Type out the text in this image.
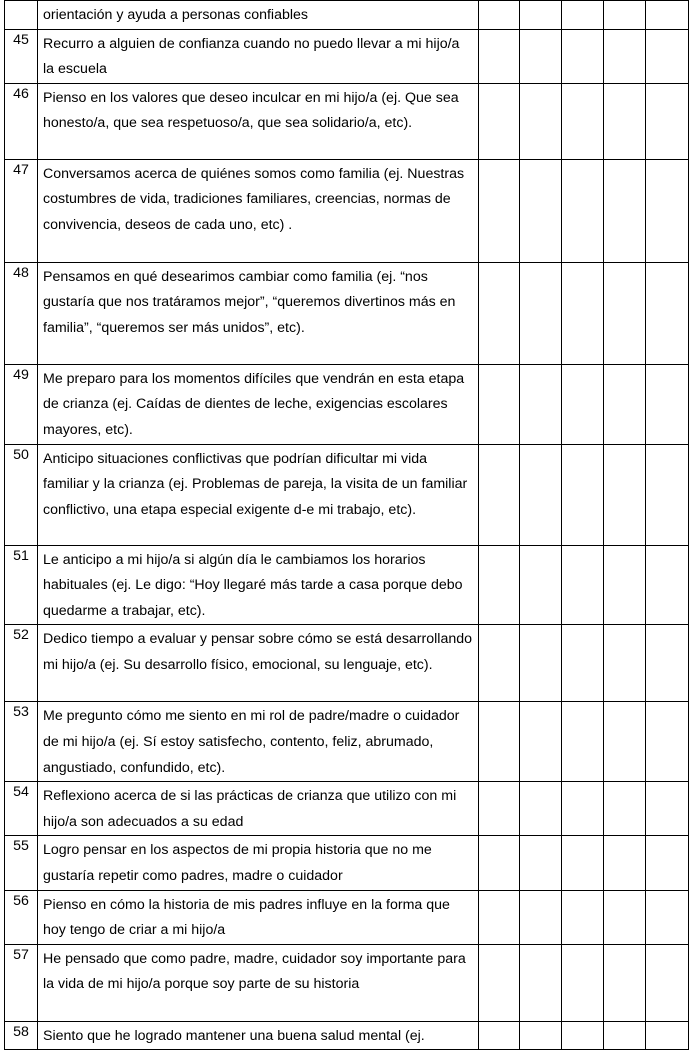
	orientación y ayuda a personas confiables					
45	Recurro a alguien de confianza cuando no puedo llevar a mi hijo/a la escuela					
46	Pienso en los valores que deseo inculcar en mi hijo/a (ej. Que sea honesto/a, que sea respetuoso/a, que sea solidario/a, etc).					
47	Conversamos acerca de quiénes somos como familia (ej. Nuestras costumbres de vida, tradiciones familiares, creencias, normas de convivencia, deseos de cada uno, etc) .					
48	Pensamos en qué desearimos cambiar como familia (ej. “nos gustaría que nos tratáramos mejor”, “queremos divertinos más en familia”, “queremos ser más unidos”, etc).					
49	Me preparo para los momentos difíciles que vendrán en esta etapa de crianza (ej. Caídas de dientes de leche, exigencias escolares mayores, etc).					
50	Anticipo situaciones conflictivas que podrían dificultar mi vida familiar y la crianza (ej. Problemas de pareja, la visita de un familiar conflictivo, una etapa especial exigente d-e mi trabajo, etc).					
51	Le anticipo a mi hijo/a si algún día le cambiamos los horarios habituales (ej. Le digo: “Hoy llegaré más tarde a casa porque debo quedarme a trabajar, etc).					
52	Dedico tiempo a evaluar y pensar sobre cómo se está desarrollando mi hijo/a (ej. Su desarrollo físico, emocional, su lenguaje, etc).					
53	Me pregunto cómo me siento en mi rol de padre/madre o cuidador de mi hijo/a (ej. Sí estoy satisfecho, contento, feliz, abrumado, angustiado, confundido, etc).					
54	Reflexiono acerca de si las prácticas de crianza que utilizo con mi hijo/a son adecuados a su edad					
55	Logro pensar en los aspectos de mi propia historia que no me gustaría repetir como padres, madre o cuidador					
56	Pienso en cómo la historia de mis padres influye en la forma que hoy tengo de criar a mi hijo/a					
57	He pensado que como padre, madre, cuidador soy importante para la vida de mi hijo/a porque soy parte de su historia					
58	Siento que he logrado mantener una buena salud mental (ej.					
